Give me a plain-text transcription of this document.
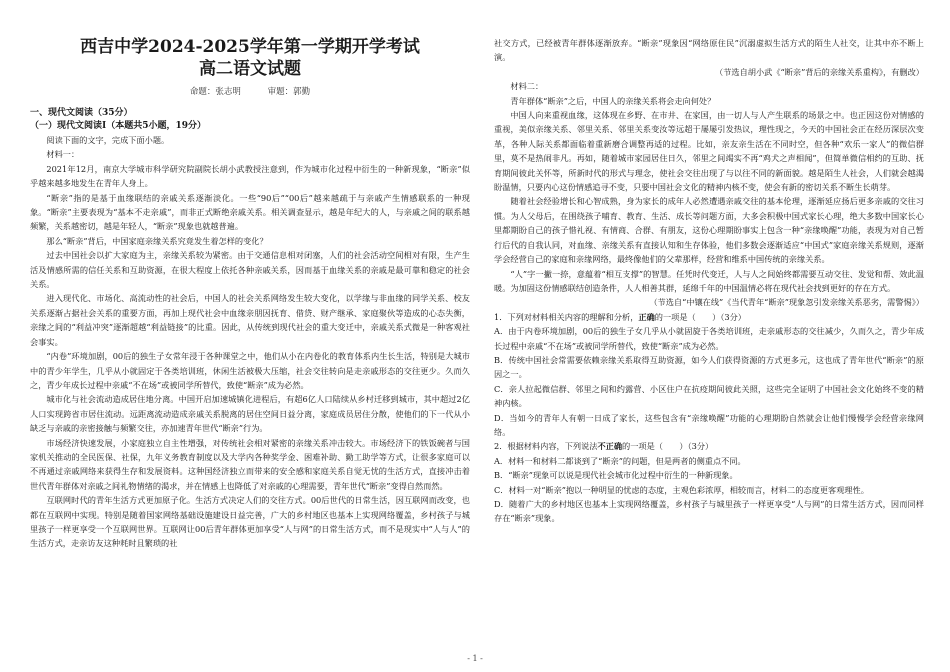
西吉中学2024-2025学年第一学期开学考试
高二语文试题
命题：张志明	审题：郭勤
一、现代文阅读（35分）
（一）现代文阅读Ⅰ（本题共5小题，19分）

阅读下面的文字，完成下面小题。

材料一：

2021年12月，南京大学城市科学研究院副院长胡小武教授注意到，作为城市化过程中衍生的一种新现象，“断亲”似乎越来越多地发生在青年人身上。

“断亲”指的是基于血缘联结的亲戚关系逐渐淡化。一些“90后”“00后”越来越疏于与亲戚产生情感联系的一种现象。“断亲”主要表现为“基本不走亲戚”，而非正式断绝亲戚关系。相关调查显示，越是年纪大的人，与亲戚之间的联系越频繁，关系越密切，越是年轻人，“断亲”现象也就越普遍。

那么“断亲”背后，中国家庭亲缘关系究竟发生着怎样的变化？

过去中国社会以扩大家庭为主，亲缘关系较为紧密。由于交通信息相对闭塞，人们的社会活动空间相对有限，生产生活及情感所需的信任关系和互助资源，在很大程度上依托各种亲戚关系，因而基于血缘关系的亲戚是最可靠和稳定的社会关系。

进入现代化、市场化、高流动性的社会后，中国人的社会关系网络发生较大变化，以学缘与非血缘的同学关系、校友关系逐渐占据社会关系的重要方面，再加上现代社会中血缘亲朋因抚育、借贷、财产继承、家庭聚伙等造成的心态失衡，亲缘之间的“利益冲突”逐渐超越“利益链接”的比重。因此，从传统到现代社会的重大变迁中，亲戚关系式微是一种客观社会事实。

“内卷”环境加剧，00后的独生子女常年浸于各种课堂之中，他们从小在内卷化的教育体系内生长生活，特别是大城市中的青少年学生，几乎从小就固定于各类培训班，休闲生活被极大压缩，社会交往转向是走亲戚形态的交往更少。久而久之，青少年成长过程中亲戚“不在场”或被同学所替代，致使“断亲”成为必然。

城市化与社会流动造成居住地分离。中国开启加速城镇化进程后，有超6亿人口陆续从乡村迁移到城市，其中超过2亿人口实现跨省市居住流动。远距离流动造成亲戚关系脱离的居住空间日益分离，家庭成员居住分散，使他们的下一代从小缺乏与亲戚的亲密接触与频繁交往，亦加速青年世代“断亲”行为。

市场经济快速发展，小家庭独立自主性增强，对传统社会相对紧密的亲缘关系冲击较大。市场经济下的铁饭碗者与国家机关推动的全民医保、社保，九年义务教育制度以及大学内各种奖学金、困难补助、勤工助学等方式，让很多家庭可以不再通过亲戚网络来获得生存和发展资料。这种国经济独立而带来的安全感和家庭关系自觉无忧的生活方式，直接冲击着世代青年群体对亲戚之间礼物情绪的渴求，并在情感上也降低了对亲戚的心理需要，青年世代“断亲”变得自然而然。

互联网时代的青年生活方式更加原子化。生活方式决定人们的交往方式。00后世代的日常生活，因互联网而改变，也都在互联网中实现。特别是随着国家网络基础设施建设日益完善，广大的乡村地区也基本上实现网络覆盖，乡村孩子与城里孩子一样更享受一个互联网世界。互联网让00后青年群体更加享受“人与网”的日常生活方式，而不是现实中“人与人”的生活方式，走亲访友这种耗时且繁琐的社

社交方式，已经被青年群体逐渐放弃。“断亲”现象因“网络原住民”沉溺虚拟生活方式的陌生人社交，让其中亦不断上演。

（节选自胡小武《“断亲”背后的亲缘关系重构》，有删改）

材料二：

青年群体“断亲”之后，中国人的亲缘关系将会走向何处？

中国人向来重视血缘，这体现在乡野、在市井、在家国，由一切人与人产生联系的场景之中。也正因这份对情感的重视，美似亲缘关系、邻里关系、邻里关系变汝等远超于屡屡引发热议，理性现之，今天的中国社会正在经历深层次变革，各种人际关系都面临着重新磨合调整再适的过程。比如，亲友亲生活在不同时空，但各种“欢乐一家人”的微信群里，莫不是热闹非凡。再如，随着城市家园居住日久，邻里之间竭实不再“鸡犬之声相闻”，但简单微信相约的互助、抚育期间彼此关怀等，所新时代的形式与理念，使社会交往出现了与以往不同的新面貌。越是陌生人社会，人们就会越渴盼温情，只要内心这份情感追寻不变，只要中国社会文化的精神内核不变，使会有新的密切关系不断生长萌芽。

随着社会经验增长和心智成熟，身为家长的成年人必然遭遇亲戚交往的基本伦理，逐渐延应扬后更多亲戚的交往习惯。为人父母后，在围绕孩子哺育、教育、生活、成长等问题方面，大多会积极中国式家长心理，绝大多数中国家长心里都期盼自己的孩子惜礼视、有情商、合群、有朋友，这份心理期盼事实上包含一种“亲缘唤醒”功能，表现为对自己暂行后代的自我认同，对血缘、亲缘关系有直接认知和生存体验，他们多数会逐渐适应“中国式”家庭亲缘关系规则，逐渐学会经营自己的家庭和亲缘网络，最终像他们的父辈那样，经营和维系中国传统的亲缘关系。

“人”字一撇一捺，意蕴着“相互支撑”的智慧。任凭时代变迁，人与人之间始终都需要互动交往、发觉和帮、效此温暖。为加固这份情感联结创造条件，人人相善其群，延绵千年的中国温情必将在现代社会找到更好的存在方式。

（节选自“中镶在线”《当代青年“断亲”现象忽引发亲缘关系恶劣，需警惕》）
1．下列对材料相关内容的理解和分析，正确的一项是（　　）（3分）

A．由于内卷环境加剧，00后的独生子女几乎从小就固旋于各类培训班，走亲戚形态的交往减少，久而久之，青少年成长过程中亲戚“不在场”或被同学所替代，致使“断亲”成为必然。

B．传统中国社会常需要依赖亲缘关系取得互助资源，如今人们获得资源的方式更多元，这也成了青年世代“断亲”的原因之一。

C．亲人拉起微信群、邻里之间和约露营、小区住户在抗疫期间彼此关照，这些完全证明了中国社会文化始终不变的精神内核。

D．当如今的青年人有朝一日成了家长，这些包含有“亲缘唤醒”功能的心理期盼自然就会让他们慢慢学会经营亲缘网络。

2．根据材料内容，下列说法不正确的一项是（　　）（3分）

A．材料一和材料二都谈到了“断亲”的问题，但是两者的侧重点不同。

B．“断亲”现象可以说是现代社会城市化过程中衍生的一种新现象。

C．材料一对“断亲”抱以一种明显的忧虑的态度，主观色彩浓厚，相较而言，材料二的态度更客观理性。

D．随着广大的乡村地区也基本上实现网络覆盖，乡村孩子与城里孩子一样更享受“人与网”的日常生活方式，因而同样存在“断亲”现象。

- 1 -
